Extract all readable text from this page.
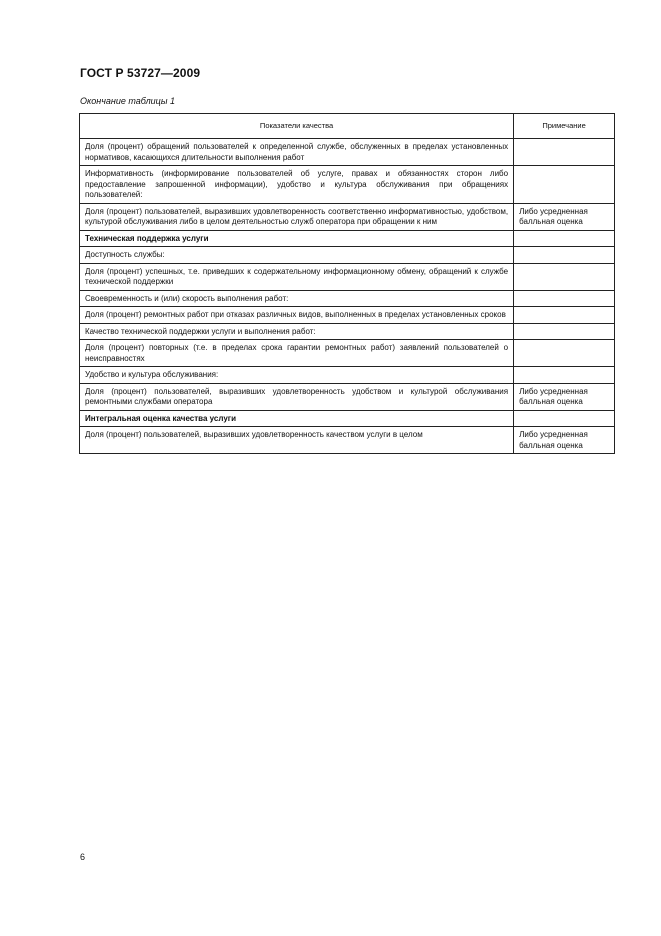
ГОСТ Р 53727—2009
Окончание таблицы 1
Показатели качества	Примечание
Доля (процент) обращений пользователей к определенной службе, обслуженных в пределах установленных нормативов, касающихся длительности выполнения работ	
Информативность (информирование пользователей об услуге, правах и обязанностях сторон либо предоставление запрошенной информации), удобство и культура обслуживания при обращениях пользователей:	
Доля (процент) пользователей, выразивших удовлетворенность соответственно информативностью, удобством, культурой обслуживания либо в целом деятельностью служб оператора при обращении к ним	Либо усредненная балльная оценка
Техническая поддержка услуги	
Доступность службы:	
Доля (процент) успешных, т.е. приведших к содержательному информационному обмену, обращений к службе технической поддержки	
Своевременность и (или) скорость выполнения работ:	
Доля (процент) ремонтных работ при отказах различных видов, выполненных в пределах установленных сроков	
Качество технической поддержки услуги и выполнения работ:	
Доля (процент) повторных (т.е. в пределах срока гарантии ремонтных работ) заявлений пользователей о неисправностях	
Удобство и культура обслуживания:	
Доля (процент) пользователей, выразивших удовлетворенность удобством и культурой обслуживания ремонтными службами оператора	Либо усредненная балльная оценка
Интегральная оценка качества услуги	
Доля (процент) пользователей, выразивших удовлетворенность качеством услуги в целом	Либо усредненная балльная оценка
6
